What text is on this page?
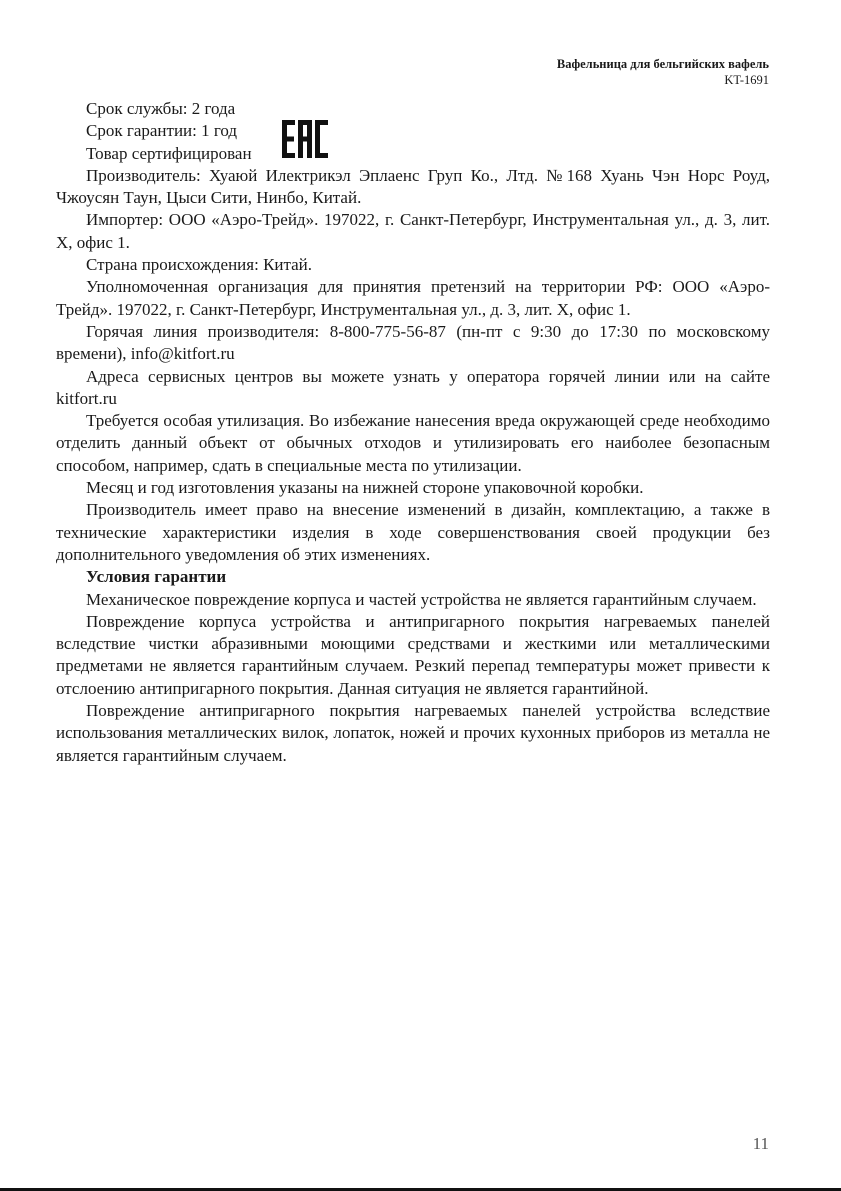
Вафельница для бельгийских вафель
KT-1691

Срок службы: 2 года

Срок гарантии: 1 год

Товар сертифицирован

Производитель: Хуаюй Илектрикэл Эплаенс Груп Ко., Лтд. №168 Хуань Чэн Норс Роуд, Чжоусян Таун, Цыси Сити, Нинбо, Китай.

Импортер: ООО «Аэро-Трейд». 197022, г. Санкт-Петербург, Инструментальная ул., д. 3, лит. Х, офис 1.

Страна происхождения: Китай.

Уполномоченная организация для принятия претензий на территории РФ: ООО «Аэро-Трейд». 197022, г. Санкт-Петербург, Инструментальная ул., д. 3, лит. Х, офис 1.

Горячая линия производителя: 8-800-775-56-87 (пн-пт с 9:30 до 17:30 по московскому времени), info@kitfort.ru

Адреса сервисных центров вы можете узнать у оператора горячей линии или на сайте kitfort.ru

Требуется особая утилизация. Во избежание нанесения вреда окружающей среде необходимо отделить данный объект от обычных отходов и утилизировать его наиболее безопасным способом, например, сдать в специальные места по утилизации.

Месяц и год изготовления указаны на нижней стороне упаковочной коробки.

Производитель имеет право на внесение изменений в дизайн, комплектацию, а также в технические характеристики изделия в ходе совершенствования своей продукции без дополнительного уведомления об этих изменениях.

Условия гарантии

Механическое повреждение корпуса и частей устройства не является гарантийным случаем.

Повреждение корпуса устройства и антипригарного покрытия нагреваемых панелей вследствие чистки абразивными моющими средствами и жесткими или металлическими предметами не является гарантийным случаем. Резкий перепад температуры может привести к отслоению антипригарного покрытия. Данная ситуация не является гарантийной.

Повреждение антипригарного покрытия нагреваемых панелей устройства вследствие использования металлических вилок, лопаток, ножей и прочих кухонных приборов из металла не является гарантийным случаем.

11
